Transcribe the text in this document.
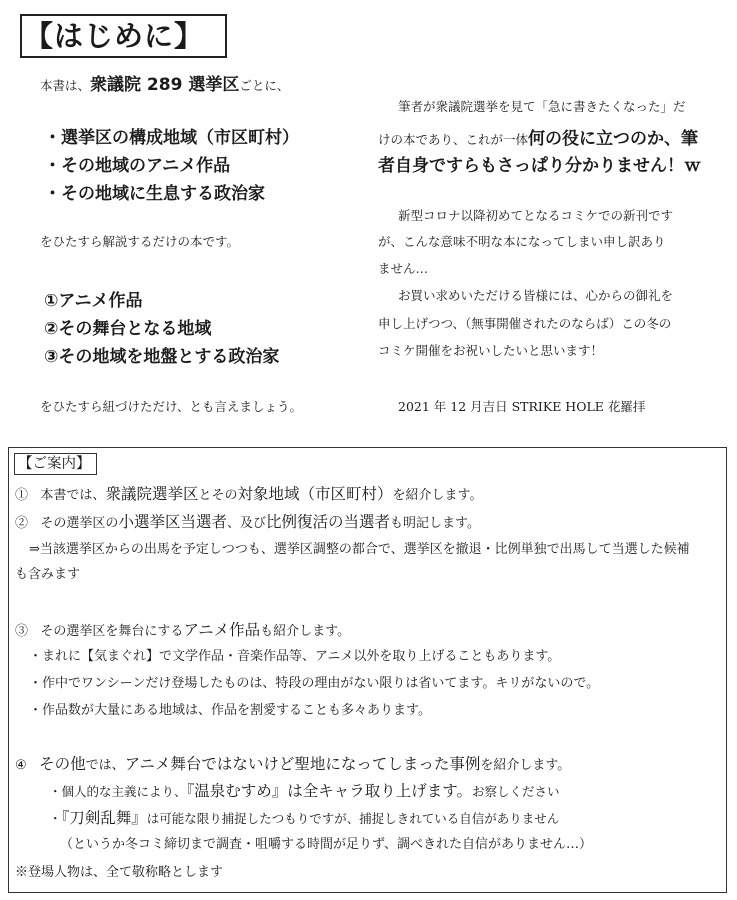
【はじめに】
本書は、衆議院 289 選挙区ごとに、
・選挙区の構成地域（市区町村）
・その地域のアニメ作品
・その地域に生息する政治家
をひたすら解説するだけの本です。
①アニメ作品
②その舞台となる地域
③その地域を地盤とする政治家
をひたすら紐づけただけ、とも言えましょう。
筆者が衆議院選挙を見て「急に書きたくなった」だ
けの本であり、これが一体何の役に立つのか、筆
者自身ですらもさっぱり分かりません！ｗ
新型コロナ以降初めてとなるコミケでの新刊です
が、こんな意味不明な本になってしまい申し訳あり
ません…
お買い求めいただける皆様には、心からの御礼を
申し上げつつ、（無事開催されたのならば）この冬の
コミケ開催をお祝いしたいと思います！
2021 年 12 月吉日 STRIKE HOLE 花羅拝
【ご案内】
① 本書では、衆議院選挙区とその対象地域（市区町村）を紹介します。
② その選挙区の小選挙区当選者、及び比例復活の当選者も明記します。
⇒当該選挙区からの出馬を予定しつつも、選挙区調整の都合で、選挙区を撤退・比例単独で出馬して当選した候補
も含みます
③ その選挙区を舞台にするアニメ作品も紹介します。
・まれに【気まぐれ】で文学作品・音楽作品等、アニメ以外を取り上げることもあります。
・作中でワンシーンだけ登場したものは、特段の理由がない限りは省いてます。キリがないので。
・作品数が大量にある地域は、作品を割愛することも多々あります。
④ その他では、アニメ舞台ではないけど聖地になってしまった事例を紹介します。
・個人的な主義により、『温泉むすめ』は全キャラ取り上げます。お察しください
・『刀剣乱舞』は可能な限り捕捉したつもりですが、捕捉しきれている自信がありません
（というか冬コミ締切まで調査・咀嚼する時間が足りず、調べきれた自信がありません…）
※登場人物は、全て敬称略とします
